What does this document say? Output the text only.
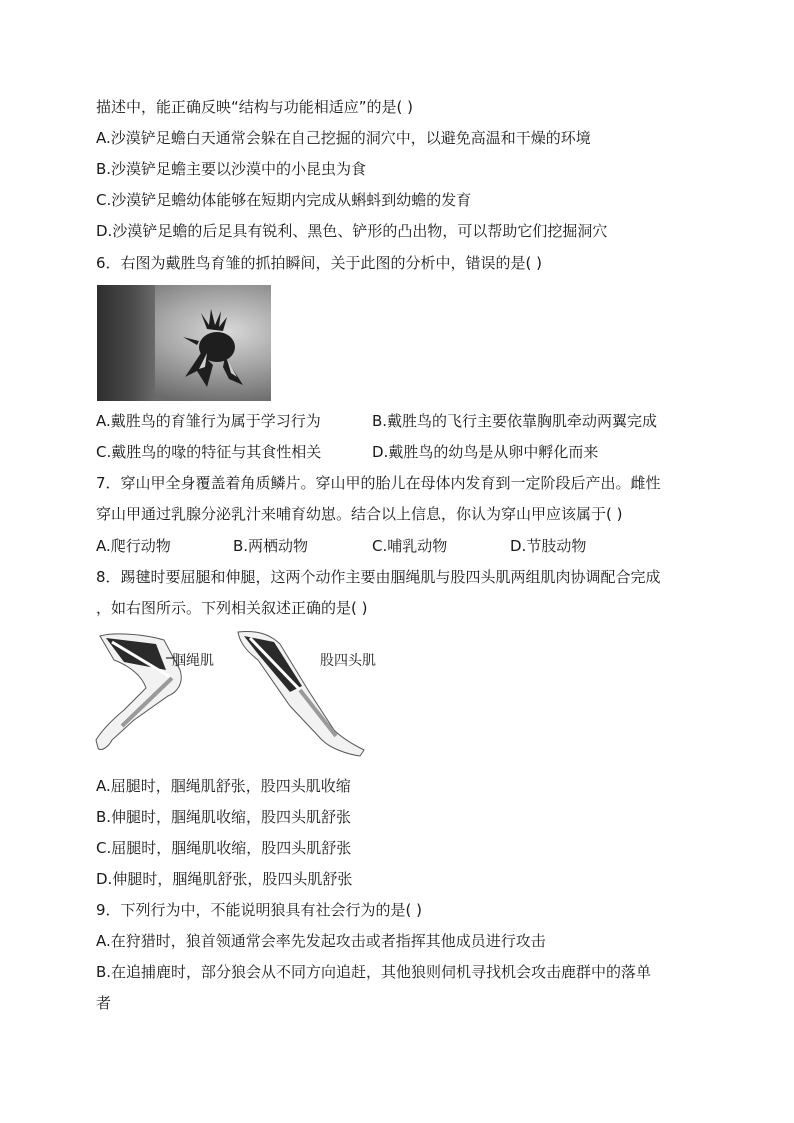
描述中，能正确反映“结构与功能相适应”的是( )
A.沙漠铲足蟾白天通常会躲在自己挖掘的洞穴中，以避免高温和干燥的环境
B.沙漠铲足蟾主要以沙漠中的小昆虫为食
C.沙漠铲足蟾幼体能够在短期内完成从蝌蚪到幼蟾的发育
D.沙漠铲足蟾的后足具有锐利、黑色、铲形的凸出物，可以帮助它们挖掘洞穴
6．右图为戴胜鸟育雏的抓拍瞬间，关于此图的分析中，错误的是( )
A.戴胜鸟的育雏行为属于学习行为	B.戴胜鸟的飞行主要依靠胸肌牵动两翼完成
C.戴胜鸟的喙的特征与其食性相关	D.戴胜鸟的幼鸟是从卵中孵化而来
7．穿山甲全身覆盖着角质鳞片。穿山甲的胎儿在母体内发育到一定阶段后产出。雌性
穿山甲通过乳腺分泌乳汁来哺育幼崽。结合以上信息，你认为穿山甲应该属于( )
A.爬行动物	B.两栖动物	C.哺乳动物	D.节肢动物
8．踢毽时要屈腿和伸腿，这两个动作主要由腘绳肌与股四头肌两组肌肉协调配合完成
，如右图所示。下列相关叙述正确的是( )
腘绳肌	股四头肌
A.屈腿时，腘绳肌舒张，股四头肌收缩
B.伸腿时，腘绳肌收缩，股四头肌舒张
C.屈腿时，腘绳肌收缩，股四头肌舒张
D.伸腿时，腘绳肌舒张，股四头肌舒张
9．下列行为中，不能说明狼具有社会行为的是( )
A.在狩猎时，狼首领通常会率先发起攻击或者指挥其他成员进行攻击
B.在追捕鹿时，部分狼会从不同方向追赶，其他狼则伺机寻找机会攻击鹿群中的落单
者
